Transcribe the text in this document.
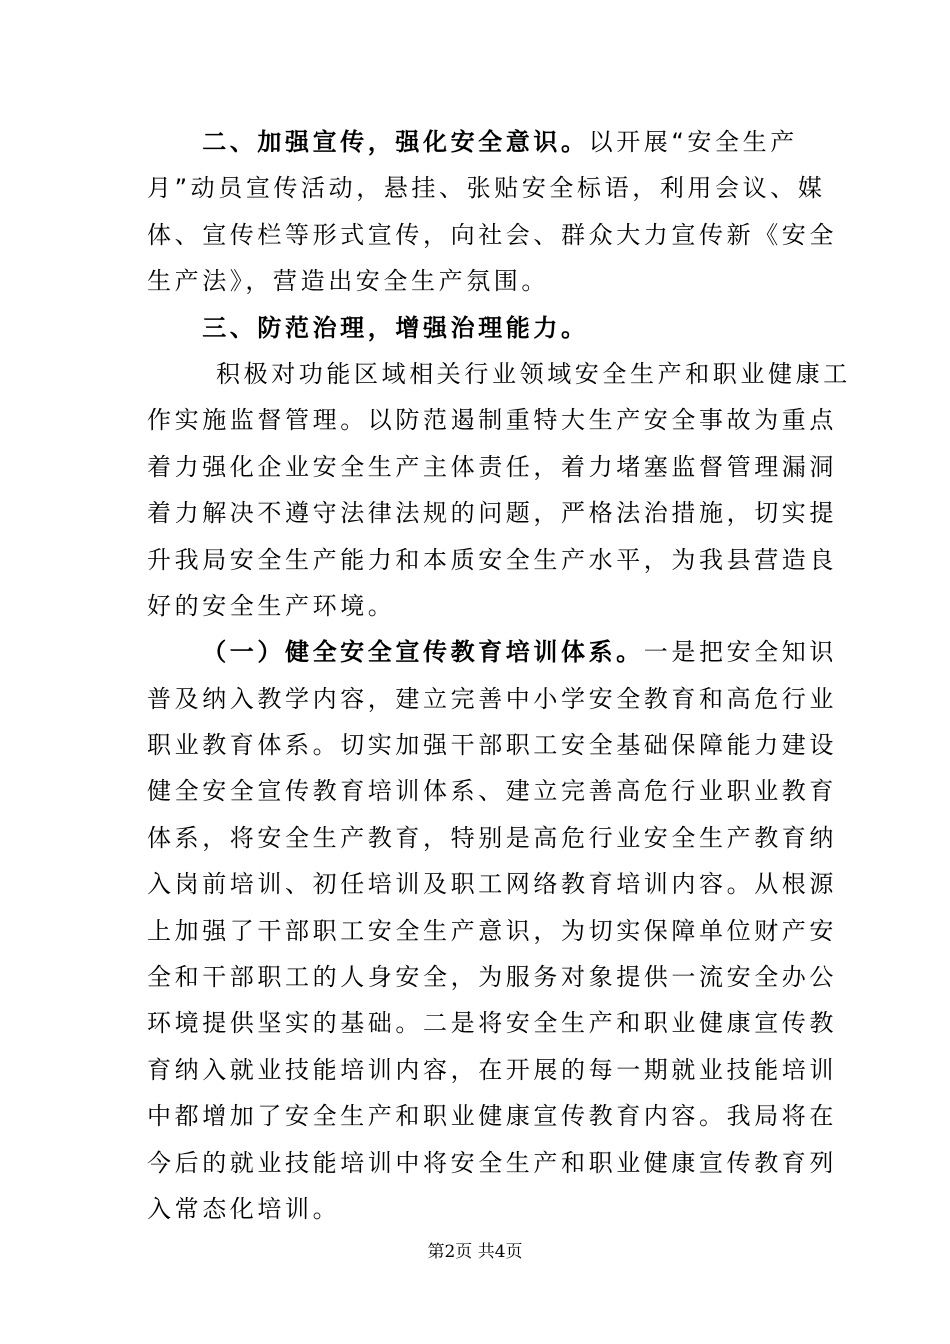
二、加强宣传，强化安全意识。以开展“安全生产
月”动员宣传活动，悬挂、张贴安全标语，利用会议、媒
体、宣传栏等形式宣传，向社会、群众大力宣传新《安全
生产法》，营造出安全生产氛围。
三、防范治理，增强治理能力。
积极对功能区域相关行业领域安全生产和职业健康工
作实施监督管理。以防范遏制重特大生产安全事故为重点
着力强化企业安全生产主体责任，着力堵塞监督管理漏洞
着力解决不遵守法律法规的问题，严格法治措施，切实提
升我局安全生产能力和本质安全生产水平，为我县营造良
好的安全生产环境。
（一）健全安全宣传教育培训体系。一是把安全知识
普及纳入教学内容，建立完善中小学安全教育和高危行业
职业教育体系。切实加强干部职工安全基础保障能力建设
健全安全宣传教育培训体系、建立完善高危行业职业教育
体系，将安全生产教育，特别是高危行业安全生产教育纳
入岗前培训、初任培训及职工网络教育培训内容。从根源
上加强了干部职工安全生产意识，为切实保障单位财产安
全和干部职工的人身安全，为服务对象提供一流安全办公
环境提供坚实的基础。二是将安全生产和职业健康宣传教
育纳入就业技能培训内容，在开展的每一期就业技能培训
中都增加了安全生产和职业健康宣传教育内容。我局将在
今后的就业技能培训中将安全生产和职业健康宣传教育列
入常态化培训。
第2页 共4页
